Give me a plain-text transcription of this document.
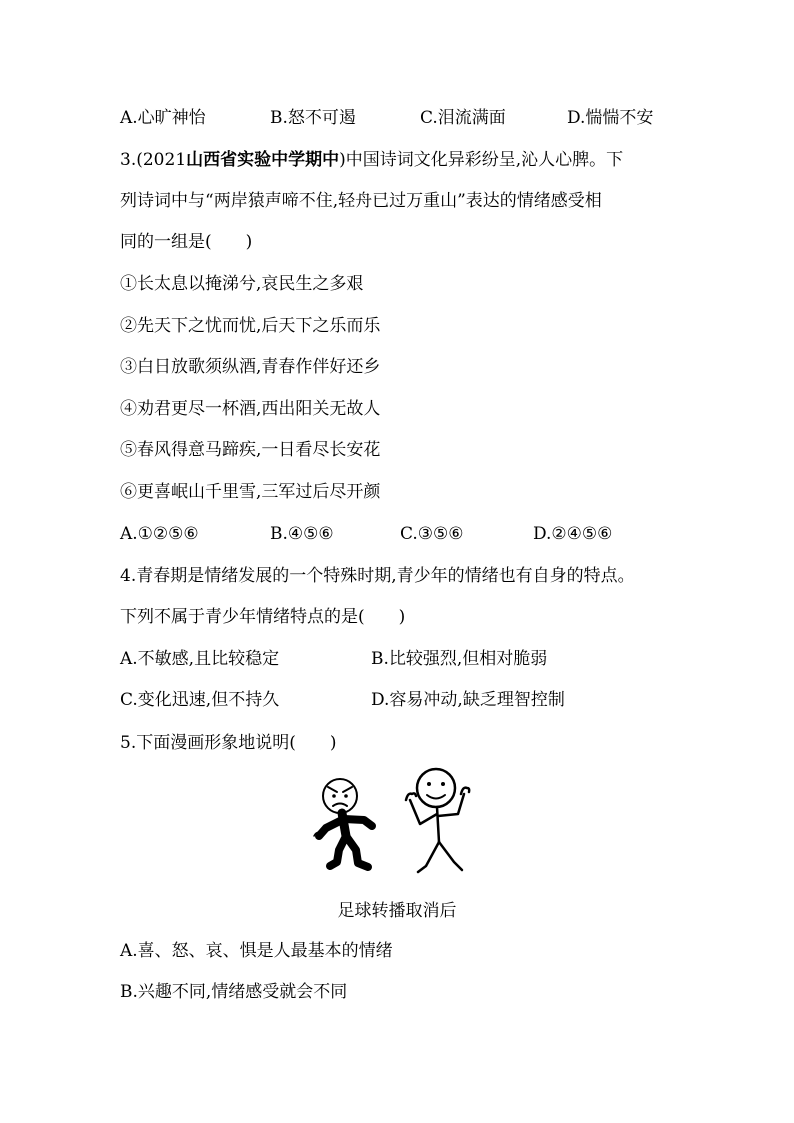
A.心旷神怡	B.怒不可遏	C.泪流满面	D.惴惴不安
3.(2021山西省实验中学期中)中国诗词文化异彩纷呈,沁人心脾。下
列诗词中与“两岸猿声啼不住,轻舟已过万重山”表达的情绪感受相
同的一组是(　　)
①长太息以掩涕兮,哀民生之多艰
②先天下之忧而忧,后天下之乐而乐
③白日放歌须纵酒,青春作伴好还乡
④劝君更尽一杯酒,西出阳关无故人
⑤春风得意马蹄疾,一日看尽长安花
⑥更喜岷山千里雪,三军过后尽开颜
A.①②⑤⑥	B.④⑤⑥	C.③⑤⑥	D.②④⑤⑥
4.青春期是情绪发展的一个特殊时期,青少年的情绪也有自身的特点。
下列不属于青少年情绪特点的是(　　)
A.不敏感,且比较稳定	B.比较强烈,但相对脆弱
C.变化迅速,但不持久	D.容易冲动,缺乏理智控制
5.下面漫画形象地说明(　　)
足球转播取消后
A.喜、怒、哀、惧是人最基本的情绪
B.兴趣不同,情绪感受就会不同
